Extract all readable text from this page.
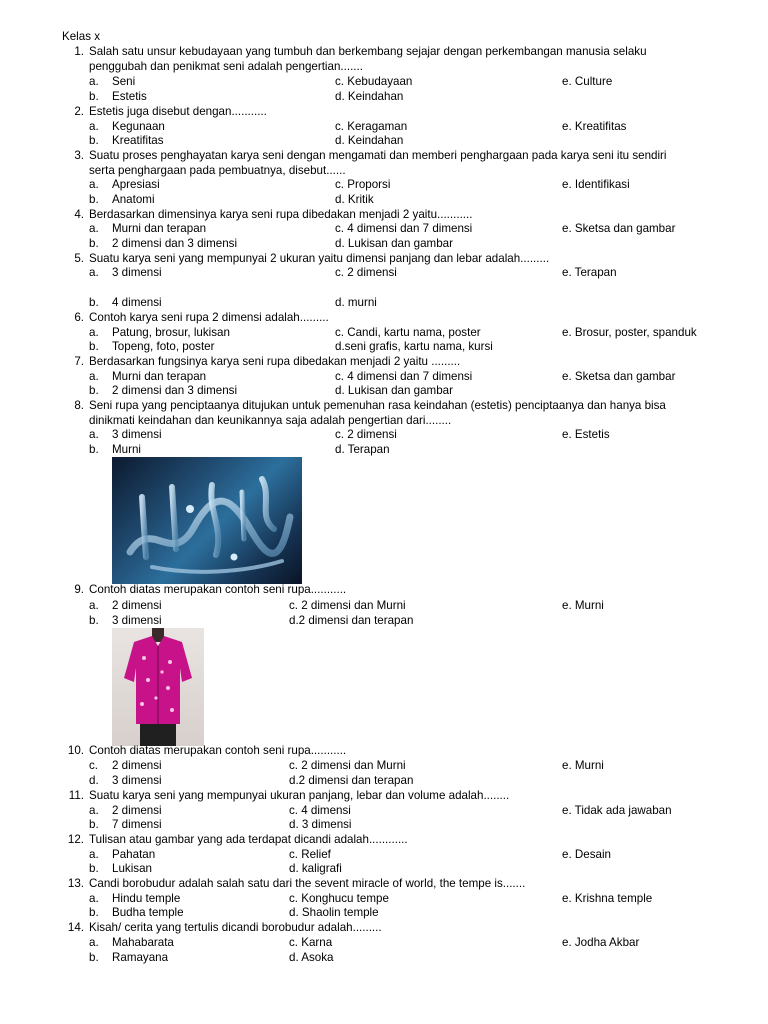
Kelas x
1. Salah satu unsur kebudayaan yang tumbuh dan berkembang sejajar dengan perkembangan manusia selaku
penggubah dan penikmat seni adalah pengertian.......
a. Seni	c. Kebudayaan	e. Culture
b. Estetis	d. Keindahan
2. Estetis juga disebut dengan...........
a. Kegunaan	c. Keragaman	e. Kreatifitas
b. Kreatifitas	d. Keindahan
3. Suatu proses penghayatan karya seni dengan mengamati dan memberi penghargaan pada karya seni itu sendiri
serta penghargaan pada pembuatnya, disebut......
a. Apresiasi	c. Proporsi	e. Identifikasi
b. Anatomi	d. Kritik
4. Berdasarkan dimensinya karya seni rupa dibedakan menjadi 2 yaitu...........
a. Murni dan terapan	c. 4 dimensi dan 7 dimensi	e. Sketsa dan gambar
b. 2 dimensi dan 3 dimensi	d. Lukisan dan gambar
5. Suatu karya seni yang mempunyai 2 ukuran yaitu dimensi panjang dan lebar adalah.........
a. 3 dimensi	c. 2 dimensi	e. Terapan
b. 4 dimensi	d. murni
6. Contoh karya seni rupa 2 dimensi adalah.........
a. Patung, brosur, lukisan	c. Candi, kartu nama, poster	e. Brosur, poster, spanduk
b. Topeng, foto, poster	d.seni grafis, kartu nama, kursi
7. Berdasarkan fungsinya karya seni rupa dibedakan menjadi 2 yaitu .........
a. Murni dan terapan	c. 4 dimensi dan 7 dimensi	e. Sketsa dan gambar
b. 2 dimensi dan 3 dimensi	d. Lukisan dan gambar
8. Seni rupa yang penciptaanya ditujukan untuk pemenuhan rasa keindahan (estetis) penciptaanya dan hanya bisa
dinikmati keindahan dan keunikannya saja adalah pengertian dari........
a. 3 dimensi	c. 2 dimensi	e. Estetis
b. Murni	d. Terapan
9. Contoh diatas merupakan contoh seni rupa...........
a. 2 dimensi	c. 2 dimensi dan Murni	e. Murni
b. 3 dimensi	d.2 dimensi dan terapan
10. Contoh diatas merupakan contoh seni rupa...........
c. 2 dimensi	c. 2 dimensi dan Murni	e. Murni
d. 3 dimensi	d.2 dimensi dan terapan
11. Suatu karya seni yang mempunyai ukuran panjang, lebar dan volume adalah........
a. 2 dimensi	c. 4 dimensi	e. Tidak ada jawaban
b. 7 dimensi	d. 3 dimensi
12. Tulisan atau gambar yang ada terdapat dicandi adalah............
a. Pahatan	c. Relief	e. Desain
b. Lukisan	d. kaligrafi
13. Candi borobudur adalah salah satu dari the sevent miracle of world, the tempe is.......
a. Hindu temple	c. Konghucu tempe	e. Krishna temple
b. Budha temple	d. Shaolin temple
14. Kisah/ cerita yang tertulis dicandi borobudur adalah.........
a. Mahabarata	c. Karna	e. Jodha Akbar
b. Ramayana	d. Asoka
